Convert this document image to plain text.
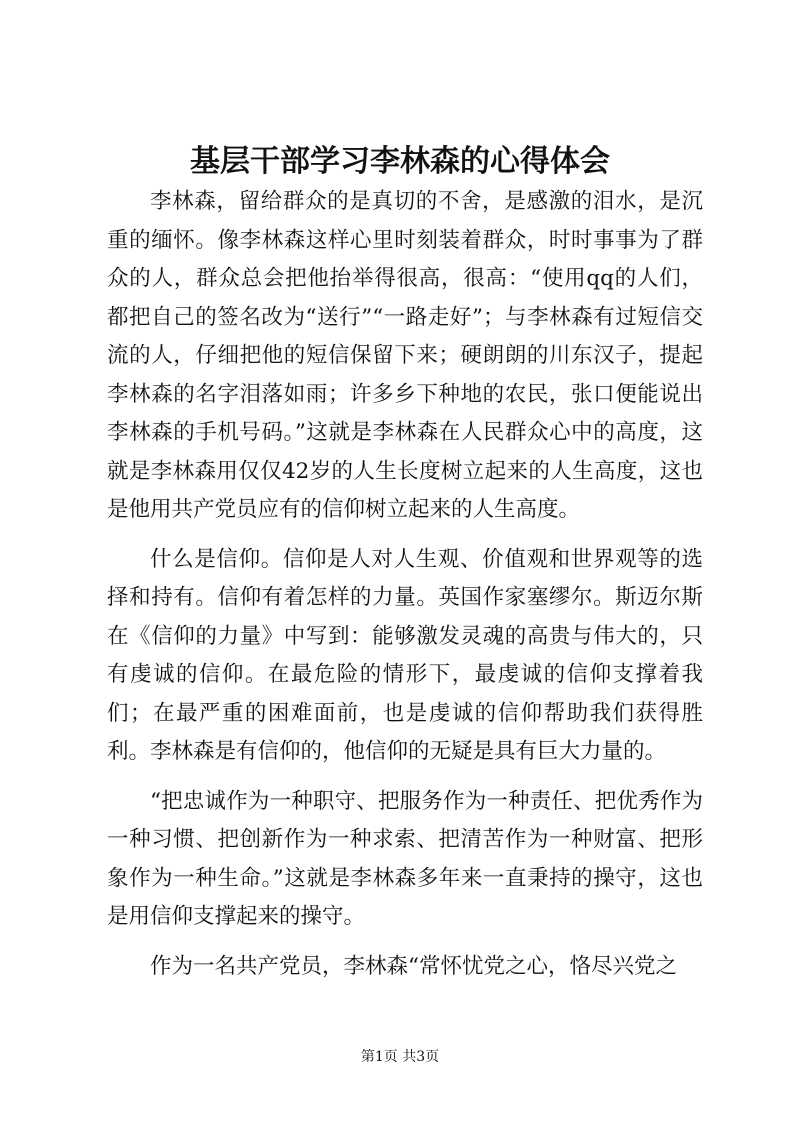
基层干部学习李林森的心得体会

李林森，留给群众的是真切的不舍，是感激的泪水，是沉重的缅怀。像李林森这样心里时刻装着群众，时时事事为了群众的人，群众总会把他抬举得很高，很高：“使用qq的人们，都把自己的签名改为“送行”“一路走好”；与李林森有过短信交流的人，仔细把他的短信保留下来；硬朗朗的川东汉子，提起李林森的名字泪落如雨；许多乡下种地的农民，张口便能说出李林森的手机号码。”这就是李林森在人民群众心中的高度，这就是李林森用仅仅42岁的人生长度树立起来的人生高度，这也是他用共产党员应有的信仰树立起来的人生高度。

什么是信仰。信仰是人对人生观、价值观和世界观等的选择和持有。信仰有着怎样的力量。英国作家塞缪尔。斯迈尔斯在《信仰的力量》中写到：能够激发灵魂的高贵与伟大的，只有虔诚的信仰。在最危险的情形下，最虔诚的信仰支撑着我们；在最严重的困难面前，也是虔诚的信仰帮助我们获得胜利。李林森是有信仰的，他信仰的无疑是具有巨大力量的。

“把忠诚作为一种职守、把服务作为一种责任、把优秀作为一种习惯、把创新作为一种求索、把清苦作为一种财富、把形象作为一种生命。”这就是李林森多年来一直秉持的操守，这也是用信仰支撑起来的操守。

作为一名共产党员，李林森“常怀忧党之心，恪尽兴党之

第1页 共3页
